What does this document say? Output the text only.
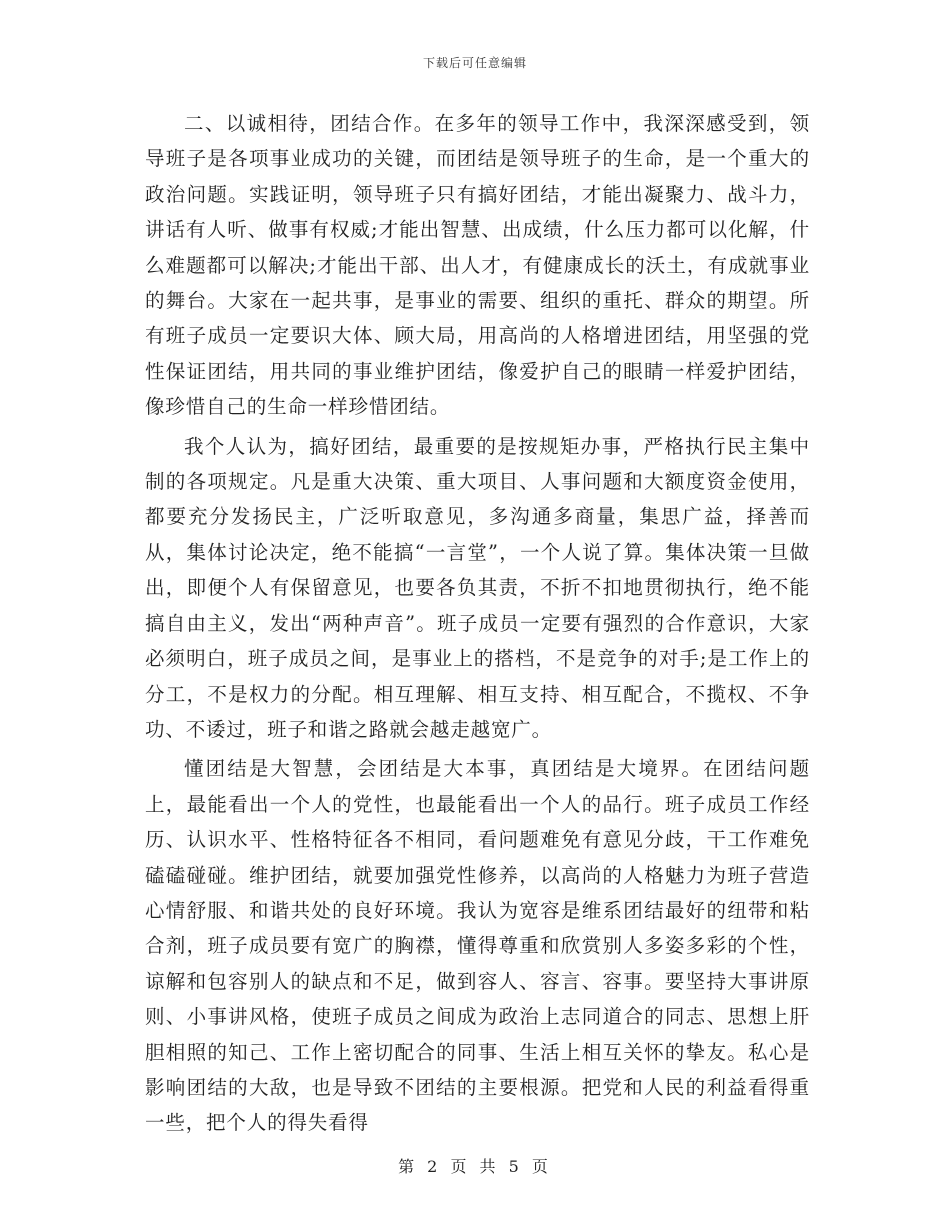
下载后可任意编辑

二、以诚相待，团结合作。在多年的领导工作中，我深深感受到，领导班子是各项事业成功的关键，而团结是领导班子的生命，是一个重大的政治问题。实践证明，领导班子只有搞好团结，才能出凝聚力、战斗力，讲话有人听、做事有权威;才能出智慧、出成绩，什么压力都可以化解，什么难题都可以解决;才能出干部、出人才，有健康成长的沃土，有成就事业的舞台。大家在一起共事，是事业的需要、组织的重托、群众的期望。所有班子成员一定要识大体、顾大局，用高尚的人格增进团结，用坚强的党性保证团结，用共同的事业维护团结，像爱护自己的眼睛一样爱护团结，像珍惜自己的生命一样珍惜团结。

我个人认为，搞好团结，最重要的是按规矩办事，严格执行民主集中制的各项规定。凡是重大决策、重大项目、人事问题和大额度资金使用，都要充分发扬民主，广泛听取意见，多沟通多商量，集思广益，择善而从，集体讨论决定，绝不能搞“一言堂”，一个人说了算。集体决策一旦做出，即便个人有保留意见，也要各负其责，不折不扣地贯彻执行，绝不能搞自由主义，发出“两种声音”。班子成员一定要有强烈的合作意识，大家必须明白，班子成员之间，是事业上的搭档，不是竞争的对手;是工作上的分工，不是权力的分配。相互理解、相互支持、相互配合，不揽权、不争功、不诿过，班子和谐之路就会越走越宽广。

懂团结是大智慧，会团结是大本事，真团结是大境界。在团结问题上，最能看出一个人的党性，也最能看出一个人的品行。班子成员工作经历、认识水平、性格特征各不相同，看问题难免有意见分歧，干工作难免磕磕碰碰。维护团结，就要加强党性修养，以高尚的人格魅力为班子营造心情舒服、和谐共处的良好环境。我认为宽容是维系团结最好的纽带和粘合剂，班子成员要有宽广的胸襟，懂得尊重和欣赏别人多姿多彩的个性，谅解和包容别人的缺点和不足，做到容人、容言、容事。要坚持大事讲原则、小事讲风格，使班子成员之间成为政治上志同道合的同志、思想上肝胆相照的知己、工作上密切配合的同事、生活上相互关怀的挚友。私心是影响团结的大敌，也是导致不团结的主要根源。把党和人民的利益看得重一些，把个人的得失看得

第 2 页 共 5 页
